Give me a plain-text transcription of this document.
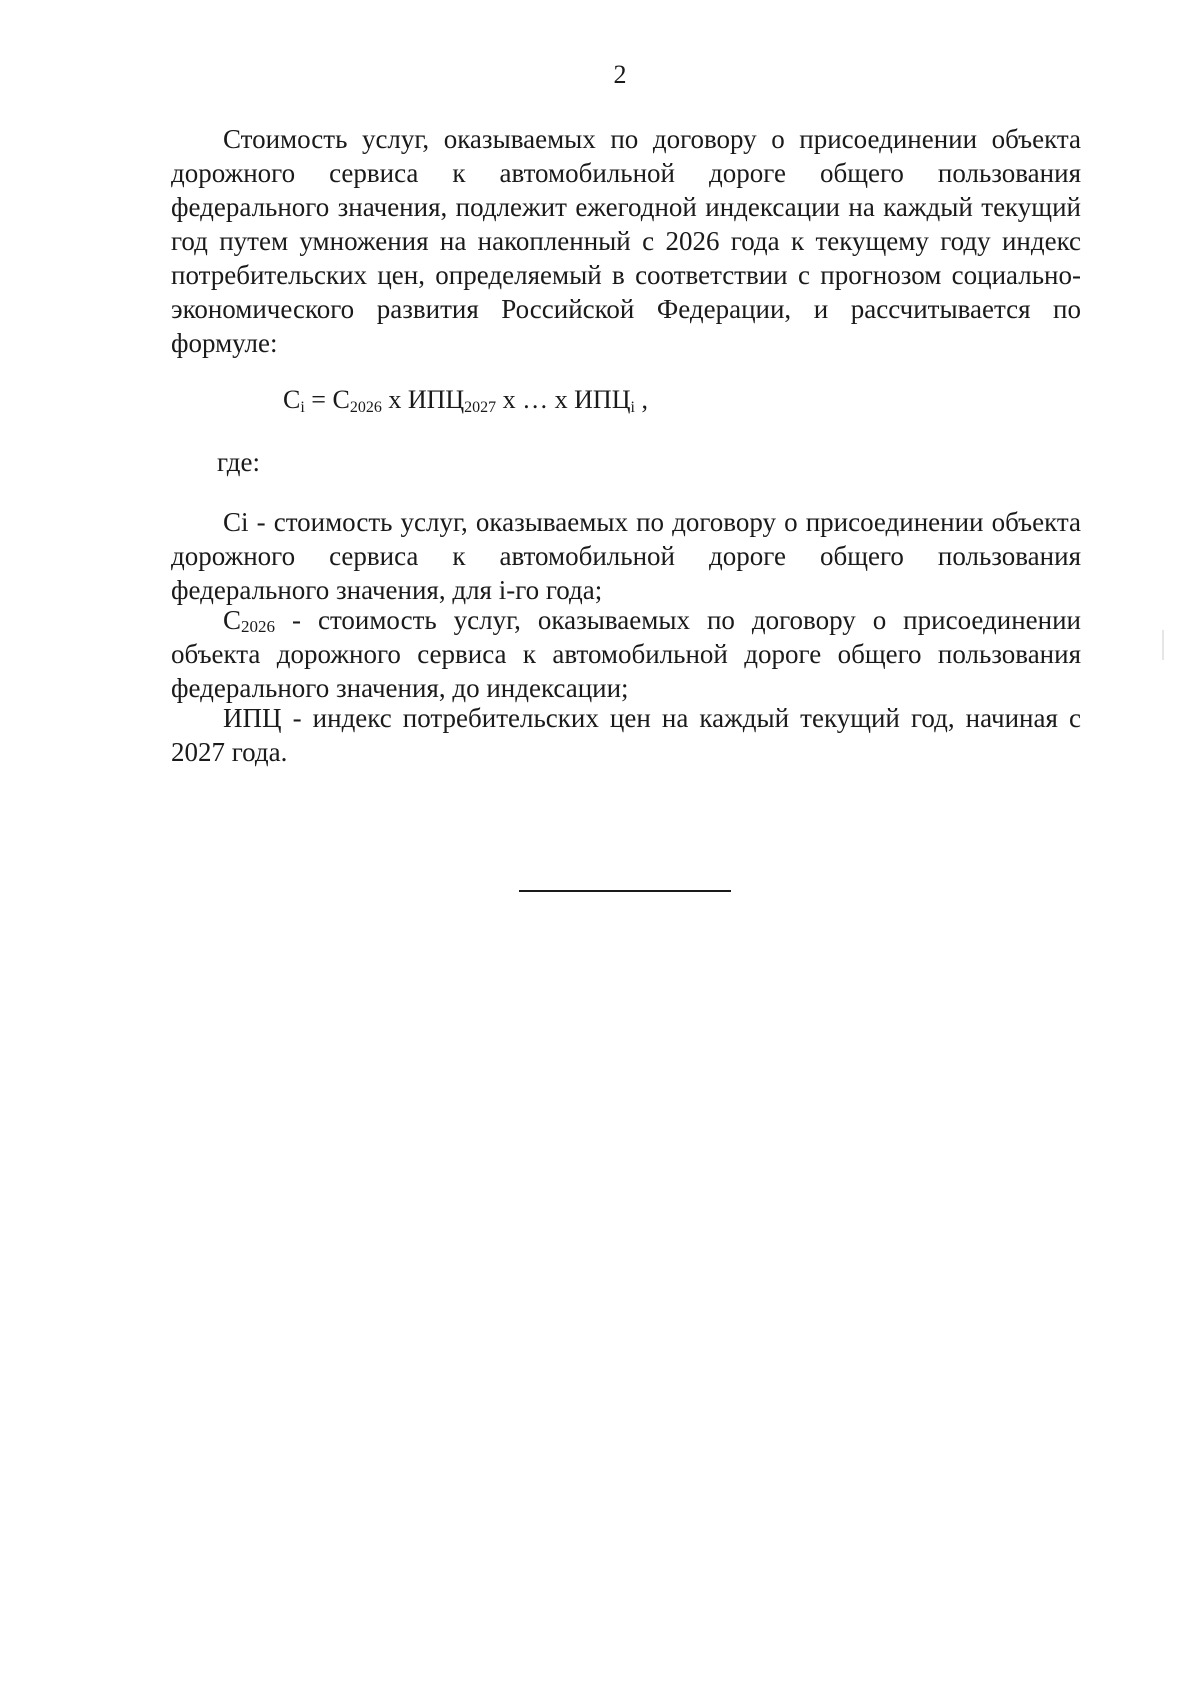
2
Стоимость услуг, оказываемых по договору о присоединении объекта дорожного сервиса к автомобильной дороге общего пользования федерального значения, подлежит ежегодной индексации на каждый текущий год путем умножения на накопленный с 2026 года к текущему году индекс потребительских цен, определяемый в соответствии с прогнозом социально-экономического развития Российской Федерации, и рассчитывается по формуле:
$C_i = C_{2026}$ x $ИПЦ_{2027}$ x … x $ИПЦ_i$ ,
где:
Ci - стоимость услуг, оказываемых по договору о присоединении объекта дорожного сервиса к автомобильной дороге общего пользования федерального значения, для i-го года;
C2026 - стоимость услуг, оказываемых по договору о присоединении объекта дорожного сервиса к автомобильной дороге общего пользования федерального значения, до индексации;
ИПЦ - индекс потребительских цен на каждый текущий год, начиная с 2027 года.
